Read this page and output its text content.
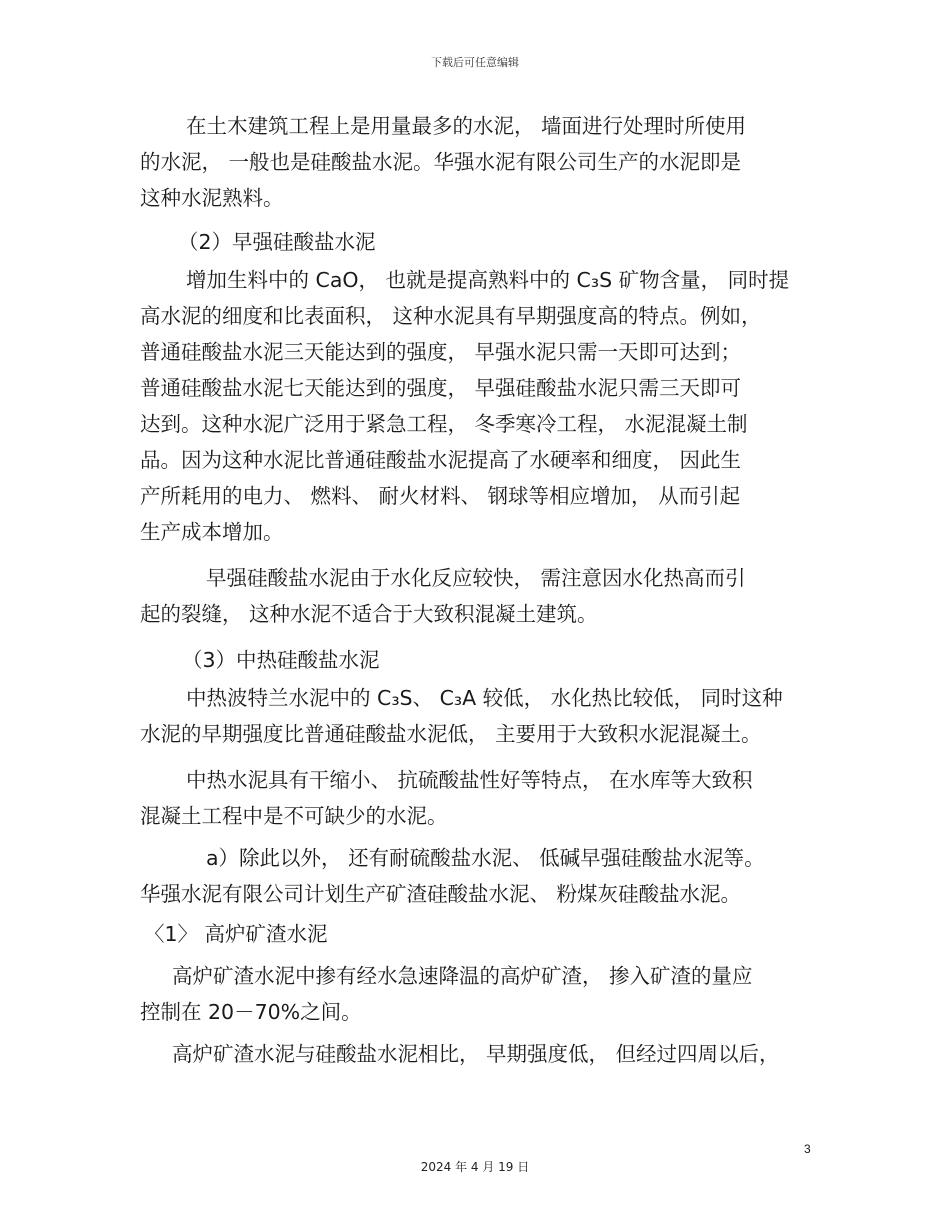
下载后可任意编辑
在土木建筑工程上是用量最多的水泥， 墙面进行处理时所使用
的水泥， 一般也是硅酸盐水泥。华强水泥有限公司生产的水泥即是
这种水泥熟料。
（2）早强硅酸盐水泥
增加生料中的 CaO， 也就是提高熟料中的 C₃S 矿物含量， 同时提
高水泥的细度和比表面积， 这种水泥具有早期强度高的特点。例如，
普通硅酸盐水泥三天能达到的强度， 早强水泥只需一天即可达到；
普通硅酸盐水泥七天能达到的强度， 早强硅酸盐水泥只需三天即可
达到。这种水泥广泛用于紧急工程， 冬季寒冷工程， 水泥混凝土制
品。因为这种水泥比普通硅酸盐水泥提高了水硬率和细度， 因此生
产所耗用的电力、 燃料、 耐火材料、 钢球等相应增加， 从而引起
生产成本增加。
早强硅酸盐水泥由于水化反应较快， 需注意因水化热高而引
起的裂缝， 这种水泥不适合于大致积混凝土建筑。
（3）中热硅酸盐水泥
中热波特兰水泥中的 C₃S、 C₃A 较低， 水化热比较低， 同时这种
水泥的早期强度比普通硅酸盐水泥低， 主要用于大致积水泥混凝土。
中热水泥具有干缩小、 抗硫酸盐性好等特点， 在水库等大致积
混凝土工程中是不可缺少的水泥。
a）除此以外， 还有耐硫酸盐水泥、 低碱早强硅酸盐水泥等。
华强水泥有限公司计划生产矿渣硅酸盐水泥、 粉煤灰硅酸盐水泥。
〈1〉 高炉矿渣水泥
高炉矿渣水泥中掺有经水急速降温的高炉矿渣， 掺入矿渣的量应
控制在 20－70%之间。
高炉矿渣水泥与硅酸盐水泥相比， 早期强度低， 但经过四周以后，
3
2024 年 4 月 19 日
